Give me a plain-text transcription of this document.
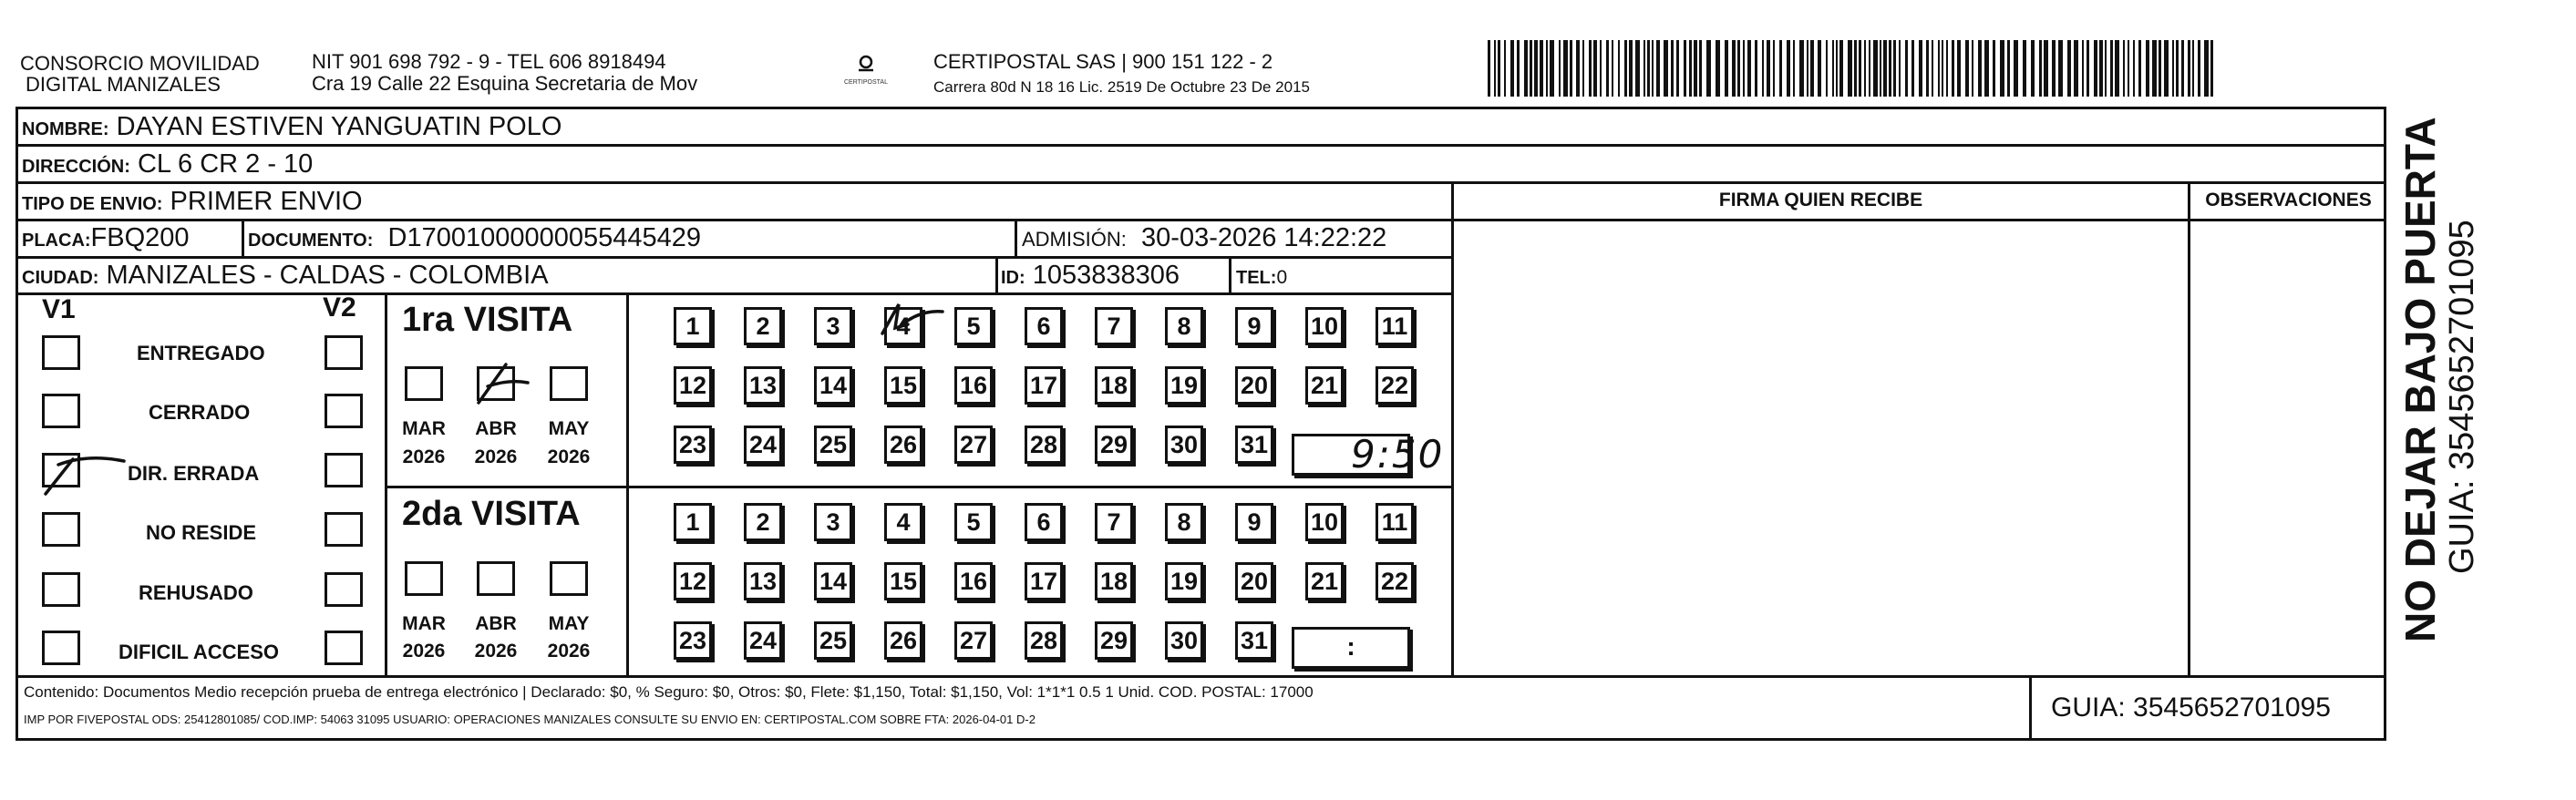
CONSORCIO MOVILIDAD
DIGITAL MANIZALES
NIT 901 698 792 - 9 - TEL 606 8918494
Cra 19 Calle 22 Esquina Secretaria de Mov	CERTIPOSTAL
CERTIPOSTAL SAS | 900 151 122 - 2
Carrera 80d N 18 16 Lic. 2519 De Octubre 23 De 2015
NOMBRE: DAYAN ESTIVEN YANGUATIN POLO
DIRECCIÓN: CL 6 CR 2 - 10
TIPO DE ENVIO: PRIMER ENVIO	FIRMA QUIEN RECIBE	OBSERVACIONES
PLACA:FBQ200	DOCUMENTO: D17001000000055445429	ADMISIÓN: 30-03-2026 14:22:22
CIUDAD: MANIZALES - CALDAS - COLOMBIA	ID: 1053838306	TEL:0
V1	V2
ENTREGADO
CERRADO
DIR. ERRADA
NO RESIDE
REHUSADO
DIFICIL ACCESO
1ra VISITA
2da VISITA
MAR	ABR	MAY
2026	2026	2026
MAR	ABR	MAY
2026	2026	2026
1	2	3	4	5	6	7	8	9	10 11
12 13 14 15 16 17 18 19 20 21 22
23 24 25 26 27 28 29 30 31
1	2	3	4	5	6	7	8	9	10 11
12 13 14 15 16 17 18 19 20 21 22
23 24 25 26 27 28 29 30 31
9:50
:
Contenido: Documentos Medio recepción prueba de entrega electrónico | Declarado: $0, % Seguro: $0, Otros: $0, Flete: $1,150, Total: $1,150, Vol: 1*1*1 0.5 1 Unid. COD. POSTAL: 17000
IMP POR FIVEPOSTAL ODS: 25412801085/ COD.IMP: 54063 31095 USUARIO: OPERACIONES MANIZALES CONSULTE SU ENVIO EN: CERTIPOSTAL.COM SOBRE FTA: 2026-04-01 D-2	GUIA: 3545652701095
NO DEJAR BAJO PUERTA GUIA: 3545652701095
